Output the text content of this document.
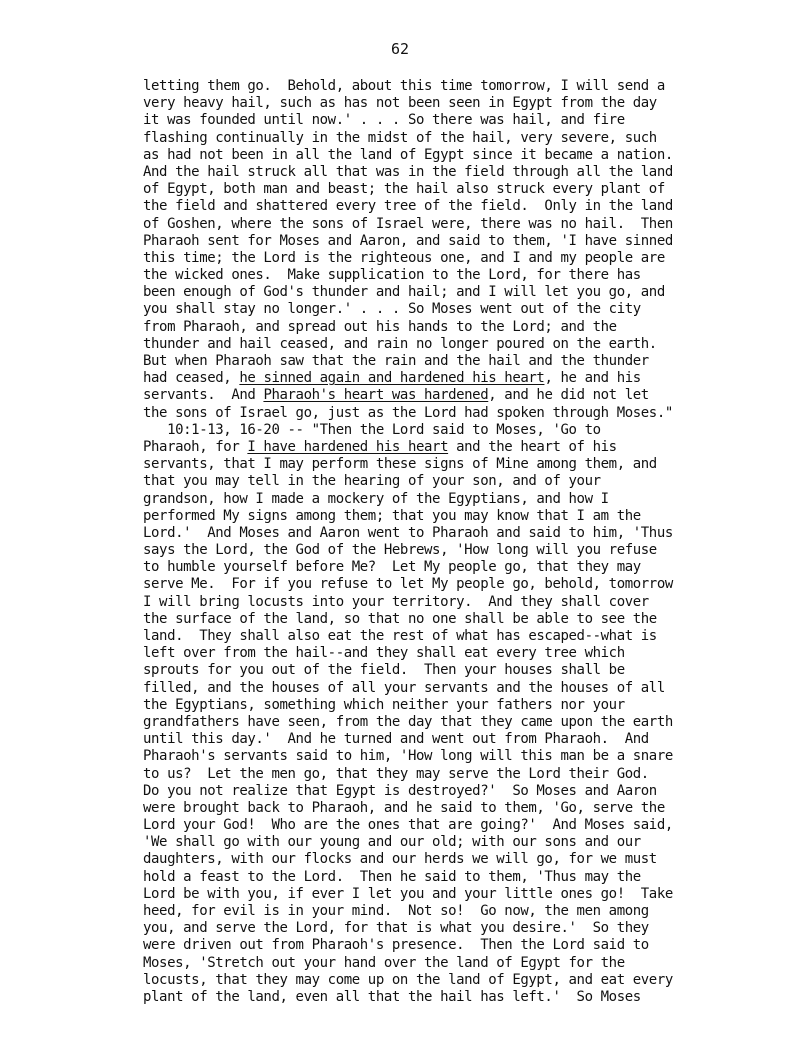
62
letting them go.  Behold, about this time tomorrow, I will send a
very heavy hail, such as has not been seen in Egypt from the day
it was founded until now.' . . . So there was hail, and fire
flashing continually in the midst of the hail, very severe, such
as had not been in all the land of Egypt since it became a nation.
And the hail struck all that was in the field through all the land
of Egypt, both man and beast; the hail also struck every plant of
the field and shattered every tree of the field.  Only in the land
of Goshen, where the sons of Israel were, there was no hail.  Then
Pharaoh sent for Moses and Aaron, and said to them, 'I have sinned
this time; the Lord is the righteous one, and I and my people are
the wicked ones.  Make supplication to the Lord, for there has
been enough of God's thunder and hail; and I will let you go, and
you shall stay no longer.' . . . So Moses went out of the city
from Pharaoh, and spread out his hands to the Lord; and the
thunder and hail ceased, and rain no longer poured on the earth.
But when Pharaoh saw that the rain and the hail and the thunder
had ceased, he sinned again and hardened his heart, he and his
servants.  And Pharaoh's heart was hardened, and he did not let
the sons of Israel go, just as the Lord had spoken through Moses."
10:1-13, 16-20 -- "Then the Lord said to Moses, 'Go to
Pharaoh, for I have hardened his heart and the heart of his
servants, that I may perform these signs of Mine among them, and
that you may tell in the hearing of your son, and of your
grandson, how I made a mockery of the Egyptians, and how I
performed My signs among them; that you may know that I am the
Lord.'  And Moses and Aaron went to Pharaoh and said to him, 'Thus
says the Lord, the God of the Hebrews, 'How long will you refuse
to humble yourself before Me?  Let My people go, that they may
serve Me.  For if you refuse to let My people go, behold, tomorrow
I will bring locusts into your territory.  And they shall cover
the surface of the land, so that no one shall be able to see the
land.  They shall also eat the rest of what has escaped--what is
left over from the hail--and they shall eat every tree which
sprouts for you out of the field.  Then your houses shall be
filled, and the houses of all your servants and the houses of all
the Egyptians, something which neither your fathers nor your
grandfathers have seen, from the day that they came upon the earth
until this day.'  And he turned and went out from Pharaoh.  And
Pharaoh's servants said to him, 'How long will this man be a snare
to us?  Let the men go, that they may serve the Lord their God.
Do you not realize that Egypt is destroyed?'  So Moses and Aaron
were brought back to Pharaoh, and he said to them, 'Go, serve the
Lord your God!  Who are the ones that are going?'  And Moses said,
'We shall go with our young and our old; with our sons and our
daughters, with our flocks and our herds we will go, for we must
hold a feast to the Lord.  Then he said to them, 'Thus may the
Lord be with you, if ever I let you and your little ones go!  Take
heed, for evil is in your mind.  Not so!  Go now, the men among
you, and serve the Lord, for that is what you desire.'  So they
were driven out from Pharaoh's presence.  Then the Lord said to
Moses, 'Stretch out your hand over the land of Egypt for the
locusts, that they may come up on the land of Egypt, and eat every
plant of the land, even all that the hail has left.'  So Moses
